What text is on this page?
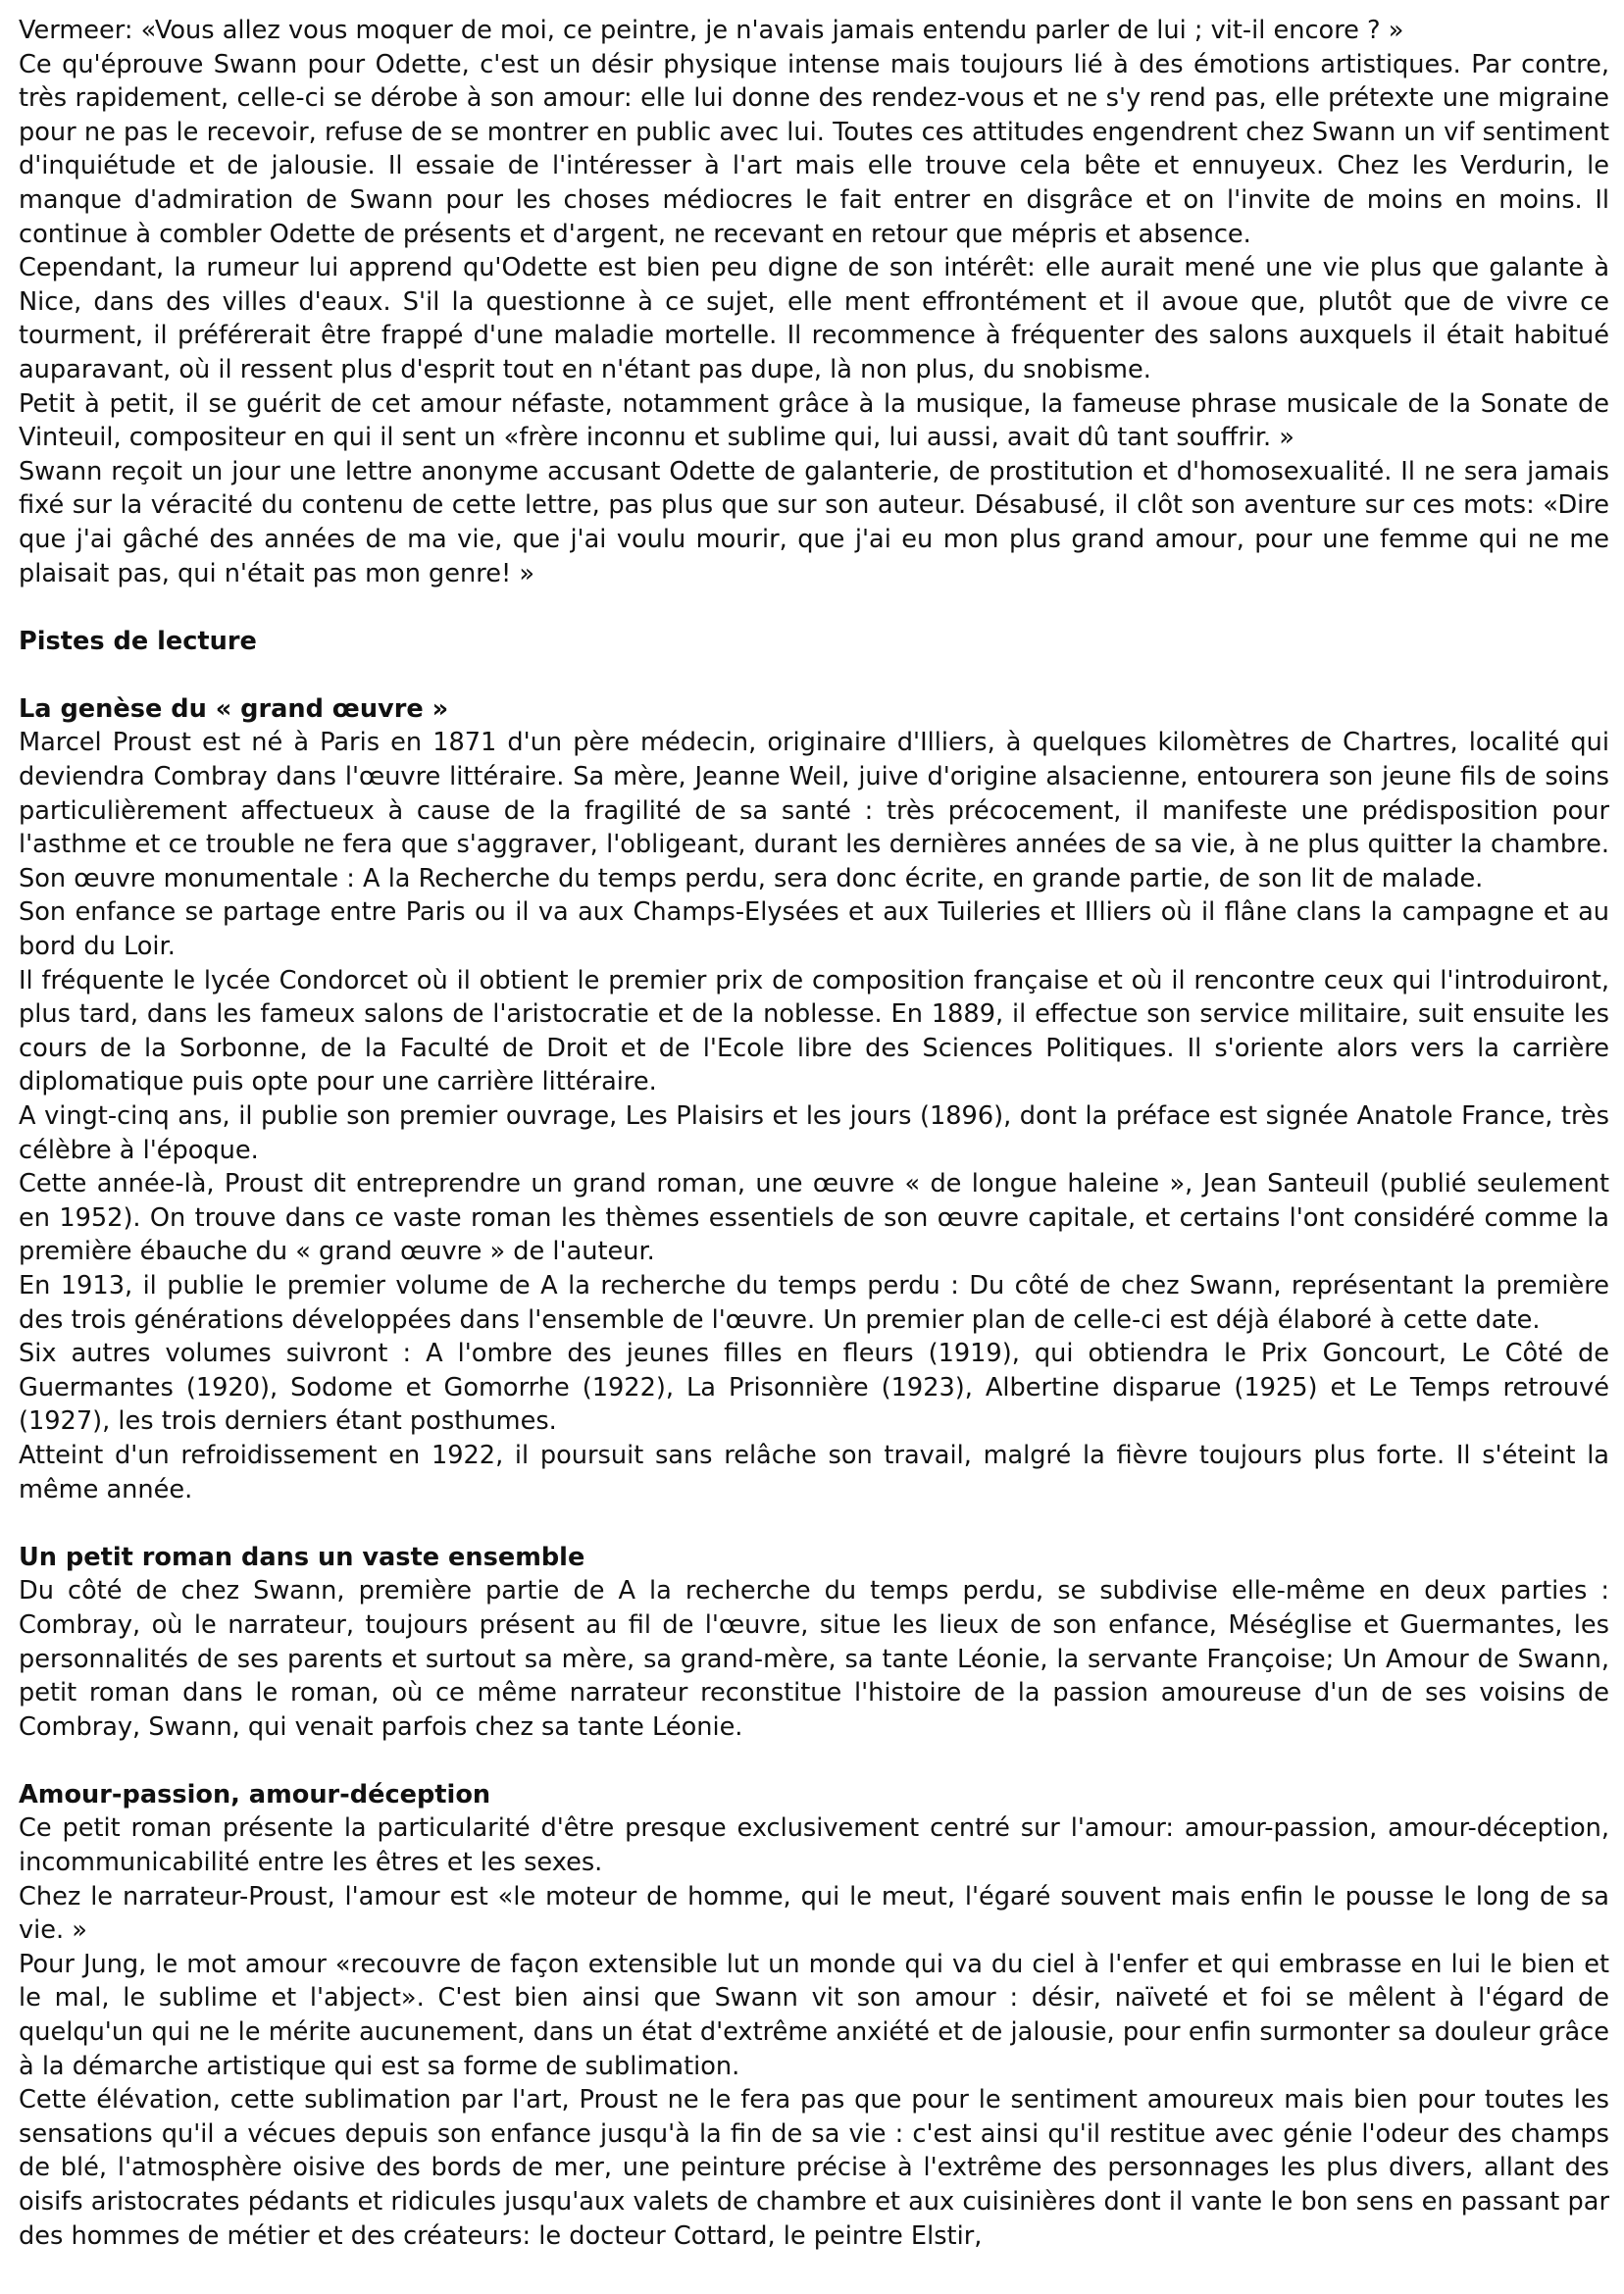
Vermeer: «Vous allez vous moquer de moi, ce peintre, je n'avais jamais entendu parler de lui ; vit-il encore ? »

Ce qu'éprouve Swann pour Odette, c'est un désir physique intense mais toujours lié à des émotions artistiques. Par contre, très rapidement, celle-ci se dérobe à son amour: elle lui donne des rendez-vous et ne s'y rend pas, elle prétexte une migraine pour ne pas le recevoir, refuse de se montrer en public avec lui. Toutes ces attitudes engendrent chez Swann un vif sentiment d'inquiétude et de jalousie. Il essaie de l'intéresser à l'art mais elle trouve cela bête et ennuyeux. Chez les Verdurin, le manque d'admiration de Swann pour les choses médiocres le fait entrer en disgrâce et on l'invite de moins en moins. Il continue à combler Odette de présents et d'argent, ne recevant en retour que mépris et absence.

Cependant, la rumeur lui apprend qu'Odette est bien peu digne de son intérêt: elle aurait mené une vie plus que galante à Nice, dans des villes d'eaux. S'il la questionne à ce sujet, elle ment effrontément et il avoue que, plutôt que de vivre ce tourment, il préférerait être frappé d'une maladie mortelle. Il recommence à fréquenter des salons auxquels il était habitué auparavant, où il ressent plus d'esprit tout en n'étant pas dupe, là non plus, du snobisme.

Petit à petit, il se guérit de cet amour néfaste, notamment grâce à la musique, la fameuse phrase musicale de la Sonate de Vinteuil, compositeur en qui il sent un «frère inconnu et sublime qui, lui aussi, avait dû tant souffrir. »

Swann reçoit un jour une lettre anonyme accusant Odette de galanterie, de prostitution et d'homosexualité. Il ne sera jamais fixé sur la véracité du contenu de cette lettre, pas plus que sur son auteur. Désabusé, il clôt son aventure sur ces mots: «Dire que j'ai gâché des années de ma vie, que j'ai voulu mourir, que j'ai eu mon plus grand amour, pour une femme qui ne me plaisait pas, qui n'était pas mon genre! »

Pistes de lecture
La genèse du « grand œuvre »

Marcel Proust est né à Paris en 1871 d'un père médecin, originaire d'Illiers, à quelques kilomètres de Chartres, localité qui deviendra Combray dans l'œuvre littéraire. Sa mère, Jeanne Weil, juive d'origine alsacienne, entourera son jeune fils de soins particulièrement affectueux à cause de la fragilité de sa santé : très précocement, il manifeste une prédisposition pour l'asthme et ce trouble ne fera que s'aggraver, l'obligeant, durant les dernières années de sa vie, à ne plus quitter la chambre. Son œuvre monumentale : A la Recherche du temps perdu, sera donc écrite, en grande partie, de son lit de malade.

Son enfance se partage entre Paris ou il va aux Champs-Elysées et aux Tuileries et Illiers où il flâne clans la campagne et au bord du Loir.

Il fréquente le lycée Condorcet où il obtient le premier prix de composition française et où il rencontre ceux qui l'introduiront, plus tard, dans les fameux salons de l'aristocratie et de la noblesse. En 1889, il effectue son service militaire, suit ensuite les cours de la Sorbonne, de la Faculté de Droit et de l'Ecole libre des Sciences Politiques. Il s'oriente alors vers la carrière diplomatique puis opte pour une carrière littéraire.

A vingt-cinq ans, il publie son premier ouvrage, Les Plaisirs et les jours (1896), dont la préface est signée Anatole France, très célèbre à l'époque.

Cette année-là, Proust dit entreprendre un grand roman, une œuvre « de longue haleine », Jean Santeuil (publié seulement en 1952). On trouve dans ce vaste roman les thèmes essentiels de son œuvre capitale, et certains l'ont considéré comme la première ébauche du « grand œuvre » de l'auteur.

En 1913, il publie le premier volume de A la recherche du temps perdu : Du côté de chez Swann, représentant la première des trois générations développées dans l'ensemble de l'œuvre. Un premier plan de celle-ci est déjà élaboré à cette date.

Six autres volumes suivront : A l'ombre des jeunes filles en fleurs (1919), qui obtiendra le Prix Goncourt, Le Côté de Guermantes (1920), Sodome et Gomorrhe (1922), La Prisonnière (1923), Albertine disparue (1925) et Le Temps retrouvé (1927), les trois derniers étant posthumes.

Atteint d'un refroidissement en 1922, il poursuit sans relâche son travail, malgré la fièvre toujours plus forte. Il s'éteint la même année.

Un petit roman dans un vaste ensemble

Du côté de chez Swann, première partie de A la recherche du temps perdu, se subdivise elle-même en deux parties : Combray, où le narrateur, toujours présent au fil de l'œuvre, situe les lieux de son enfance, Méséglise et Guermantes, les personnalités de ses parents et surtout sa mère, sa grand-mère, sa tante Léonie, la servante Françoise; Un Amour de Swann, petit roman dans le roman, où ce même narrateur reconstitue l'histoire de la passion amoureuse d'un de ses voisins de Combray, Swann, qui venait parfois chez sa tante Léonie.

Amour-passion, amour-déception

Ce petit roman présente la particularité d'être presque exclusivement centré sur l'amour: amour-passion, amour-déception, incommunicabilité entre les êtres et les sexes.

Chez le narrateur-Proust, l'amour est «le moteur de homme, qui le meut, l'égaré souvent mais enfin le pousse le long de sa vie. »

Pour Jung, le mot amour «recouvre de façon extensible lut un monde qui va du ciel à l'enfer et qui embrasse en lui le bien et le mal, le sublime et l'abject». C'est bien ainsi que Swann vit son amour : désir, naïveté et foi se mêlent à l'égard de quelqu'un qui ne le mérite aucunement, dans un état d'extrême anxiété et de jalousie, pour enfin surmonter sa douleur grâce à la démarche artistique qui est sa forme de sublimation.

Cette élévation, cette sublimation par l'art, Proust ne le fera pas que pour le sentiment amoureux mais bien pour toutes les sensations qu'il a vécues depuis son enfance jusqu'à la fin de sa vie : c'est ainsi qu'il restitue avec génie l'odeur des champs de blé, l'atmosphère oisive des bords de mer, une peinture précise à l'extrême des personnages les plus divers, allant des oisifs aristocrates pédants et ridicules jusqu'aux valets de chambre et aux cuisinières dont il vante le bon sens en passant par des hommes de métier et des créateurs: le docteur Cottard, le peintre Elstir,
